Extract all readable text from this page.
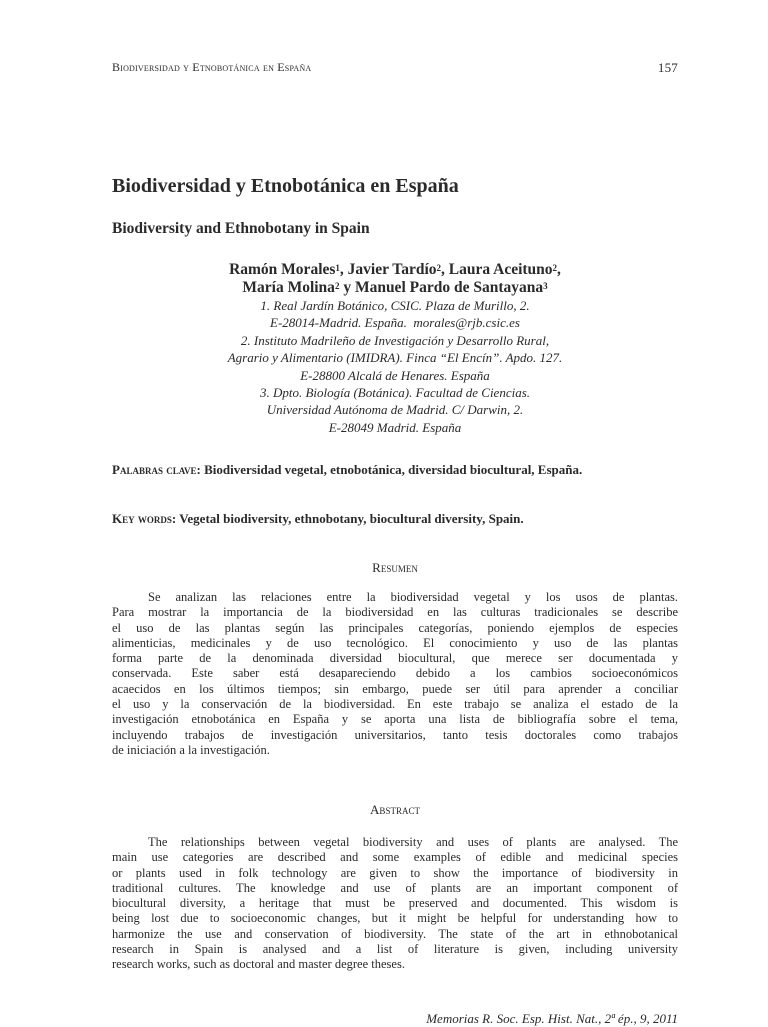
Biodiversidad y Etnobotánica en España	157
Biodiversidad y Etnobotánica en España
Biodiversity and Ethnobotany in Spain
Ramón Morales$^1$, Javier Tardío$^2$, Laura Aceituno$^2$,
María Molina$^2$ y Manuel Pardo de Santayana$^3$
1. Real Jardín Botánico, CSIC. Plaza de Murillo, 2.
E-28014-Madrid. España.  morales@rjb.csic.es
2. Instituto Madrileño de Investigación y Desarrollo Rural,
Agrario y Alimentario (IMIDRA). Finca “El Encín”. Apdo. 127.
E-28800 Alcalá de Henares. España
3. Dpto. Biología (Botánica). Facultad de Ciencias.
Universidad Autónoma de Madrid. C/ Darwin, 2.
E-28049 Madrid. España
Palabras clave: Biodiversidad vegetal, etnobotánica, diversidad biocultural, España.
Key words: Vegetal biodiversity, ethnobotany, biocultural diversity, Spain.
Resumen
Se analizan las relaciones entre la biodiversidad vegetal y los usos de plantas.
Para mostrar la importancia de la biodiversidad en las culturas tradicionales se describe
el uso de las plantas según las principales categorías, poniendo ejemplos de especies
alimenticias, medicinales y de uso tecnológico. El conocimiento y uso de las plantas
forma parte de la denominada diversidad biocultural, que merece ser documentada y
conservada. Este saber está desapareciendo debido a los cambios socioeconómicos
acaecidos en los últimos tiempos; sin embargo, puede ser útil para aprender a conciliar
el uso y la conservación de la biodiversidad. En este trabajo se analiza el estado de la
investigación etnobotánica en España y se aporta una lista de bibliografía sobre el tema,
incluyendo trabajos de investigación universitarios, tanto tesis doctorales como trabajos
de iniciación a la investigación.
Abstract
The relationships between vegetal biodiversity and uses of plants are analysed. The
main use categories are described and some examples of edible and medicinal species
or plants used in folk technology are given to show the importance of biodiversity in
traditional cultures. The knowledge and use of plants are an important component of
biocultural diversity, a heritage that must be preserved and documented. This wisdom is
being lost due to socioeconomic changes, but it might be helpful for understanding how to
harmonize the use and conservation of biodiversity. The state of the art in ethnobotanical
research in Spain is analysed and a list of literature is given, including university
research works, such as doctoral and master degree theses.
Memorias R. Soc. Esp. Hist. Nat., 2ª ép., 9, 2011
